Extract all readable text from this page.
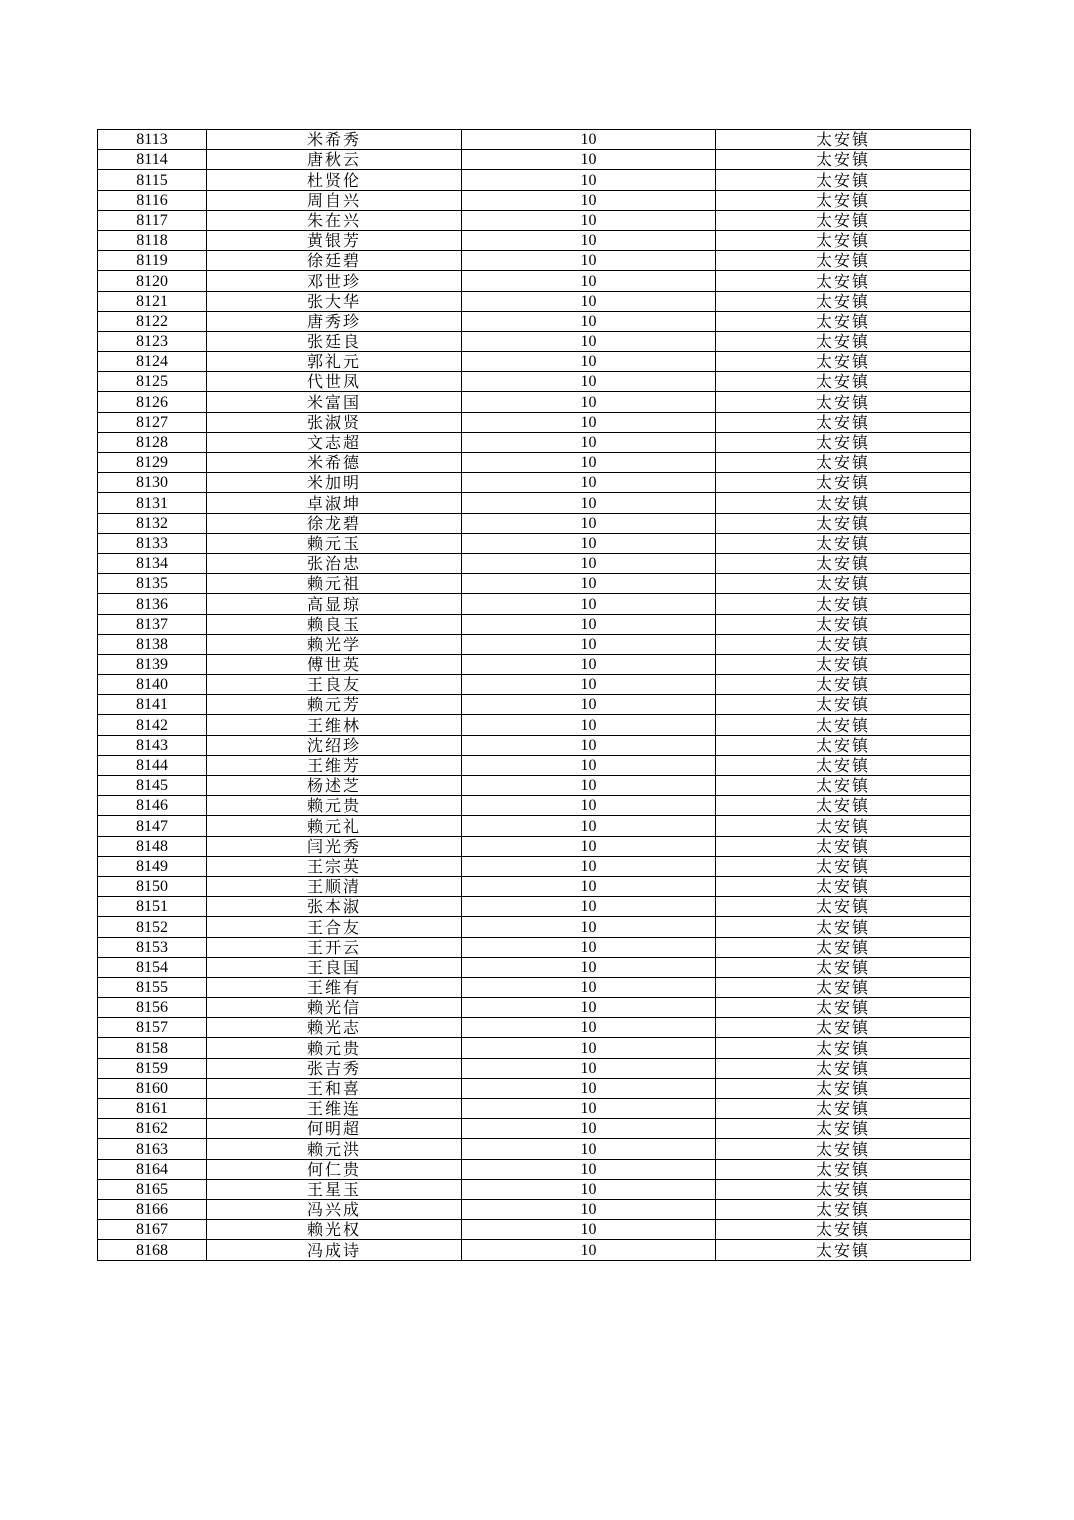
8113	米希秀	10	太安镇
8114	唐秋云	10	太安镇
8115	杜贤伦	10	太安镇
8116	周自兴	10	太安镇
8117	朱在兴	10	太安镇
8118	黄银芳	10	太安镇
8119	徐廷碧	10	太安镇
8120	邓世珍	10	太安镇
8121	张大华	10	太安镇
8122	唐秀珍	10	太安镇
8123	张廷良	10	太安镇
8124	郭礼元	10	太安镇
8125	代世凤	10	太安镇
8126	米富国	10	太安镇
8127	张淑贤	10	太安镇
8128	文志超	10	太安镇
8129	米希德	10	太安镇
8130	米加明	10	太安镇
8131	卓淑坤	10	太安镇
8132	徐龙碧	10	太安镇
8133	赖元玉	10	太安镇
8134	张治忠	10	太安镇
8135	赖元祖	10	太安镇
8136	高显琼	10	太安镇
8137	赖良玉	10	太安镇
8138	赖光学	10	太安镇
8139	傅世英	10	太安镇
8140	王良友	10	太安镇
8141	赖元芳	10	太安镇
8142	王维林	10	太安镇
8143	沈绍珍	10	太安镇
8144	王维芳	10	太安镇
8145	杨述芝	10	太安镇
8146	赖元贵	10	太安镇
8147	赖元礼	10	太安镇
8148	闫光秀	10	太安镇
8149	王宗英	10	太安镇
8150	王顺清	10	太安镇
8151	张本淑	10	太安镇
8152	王合友	10	太安镇
8153	王开云	10	太安镇
8154	王良国	10	太安镇
8155	王维有	10	太安镇
8156	赖光信	10	太安镇
8157	赖光志	10	太安镇
8158	赖元贵	10	太安镇
8159	张吉秀	10	太安镇
8160	王和喜	10	太安镇
8161	王维连	10	太安镇
8162	何明超	10	太安镇
8163	赖元洪	10	太安镇
8164	何仁贵	10	太安镇
8165	王星玉	10	太安镇
8166	冯兴成	10	太安镇
8167	赖光权	10	太安镇
8168	冯成诗	10	太安镇
